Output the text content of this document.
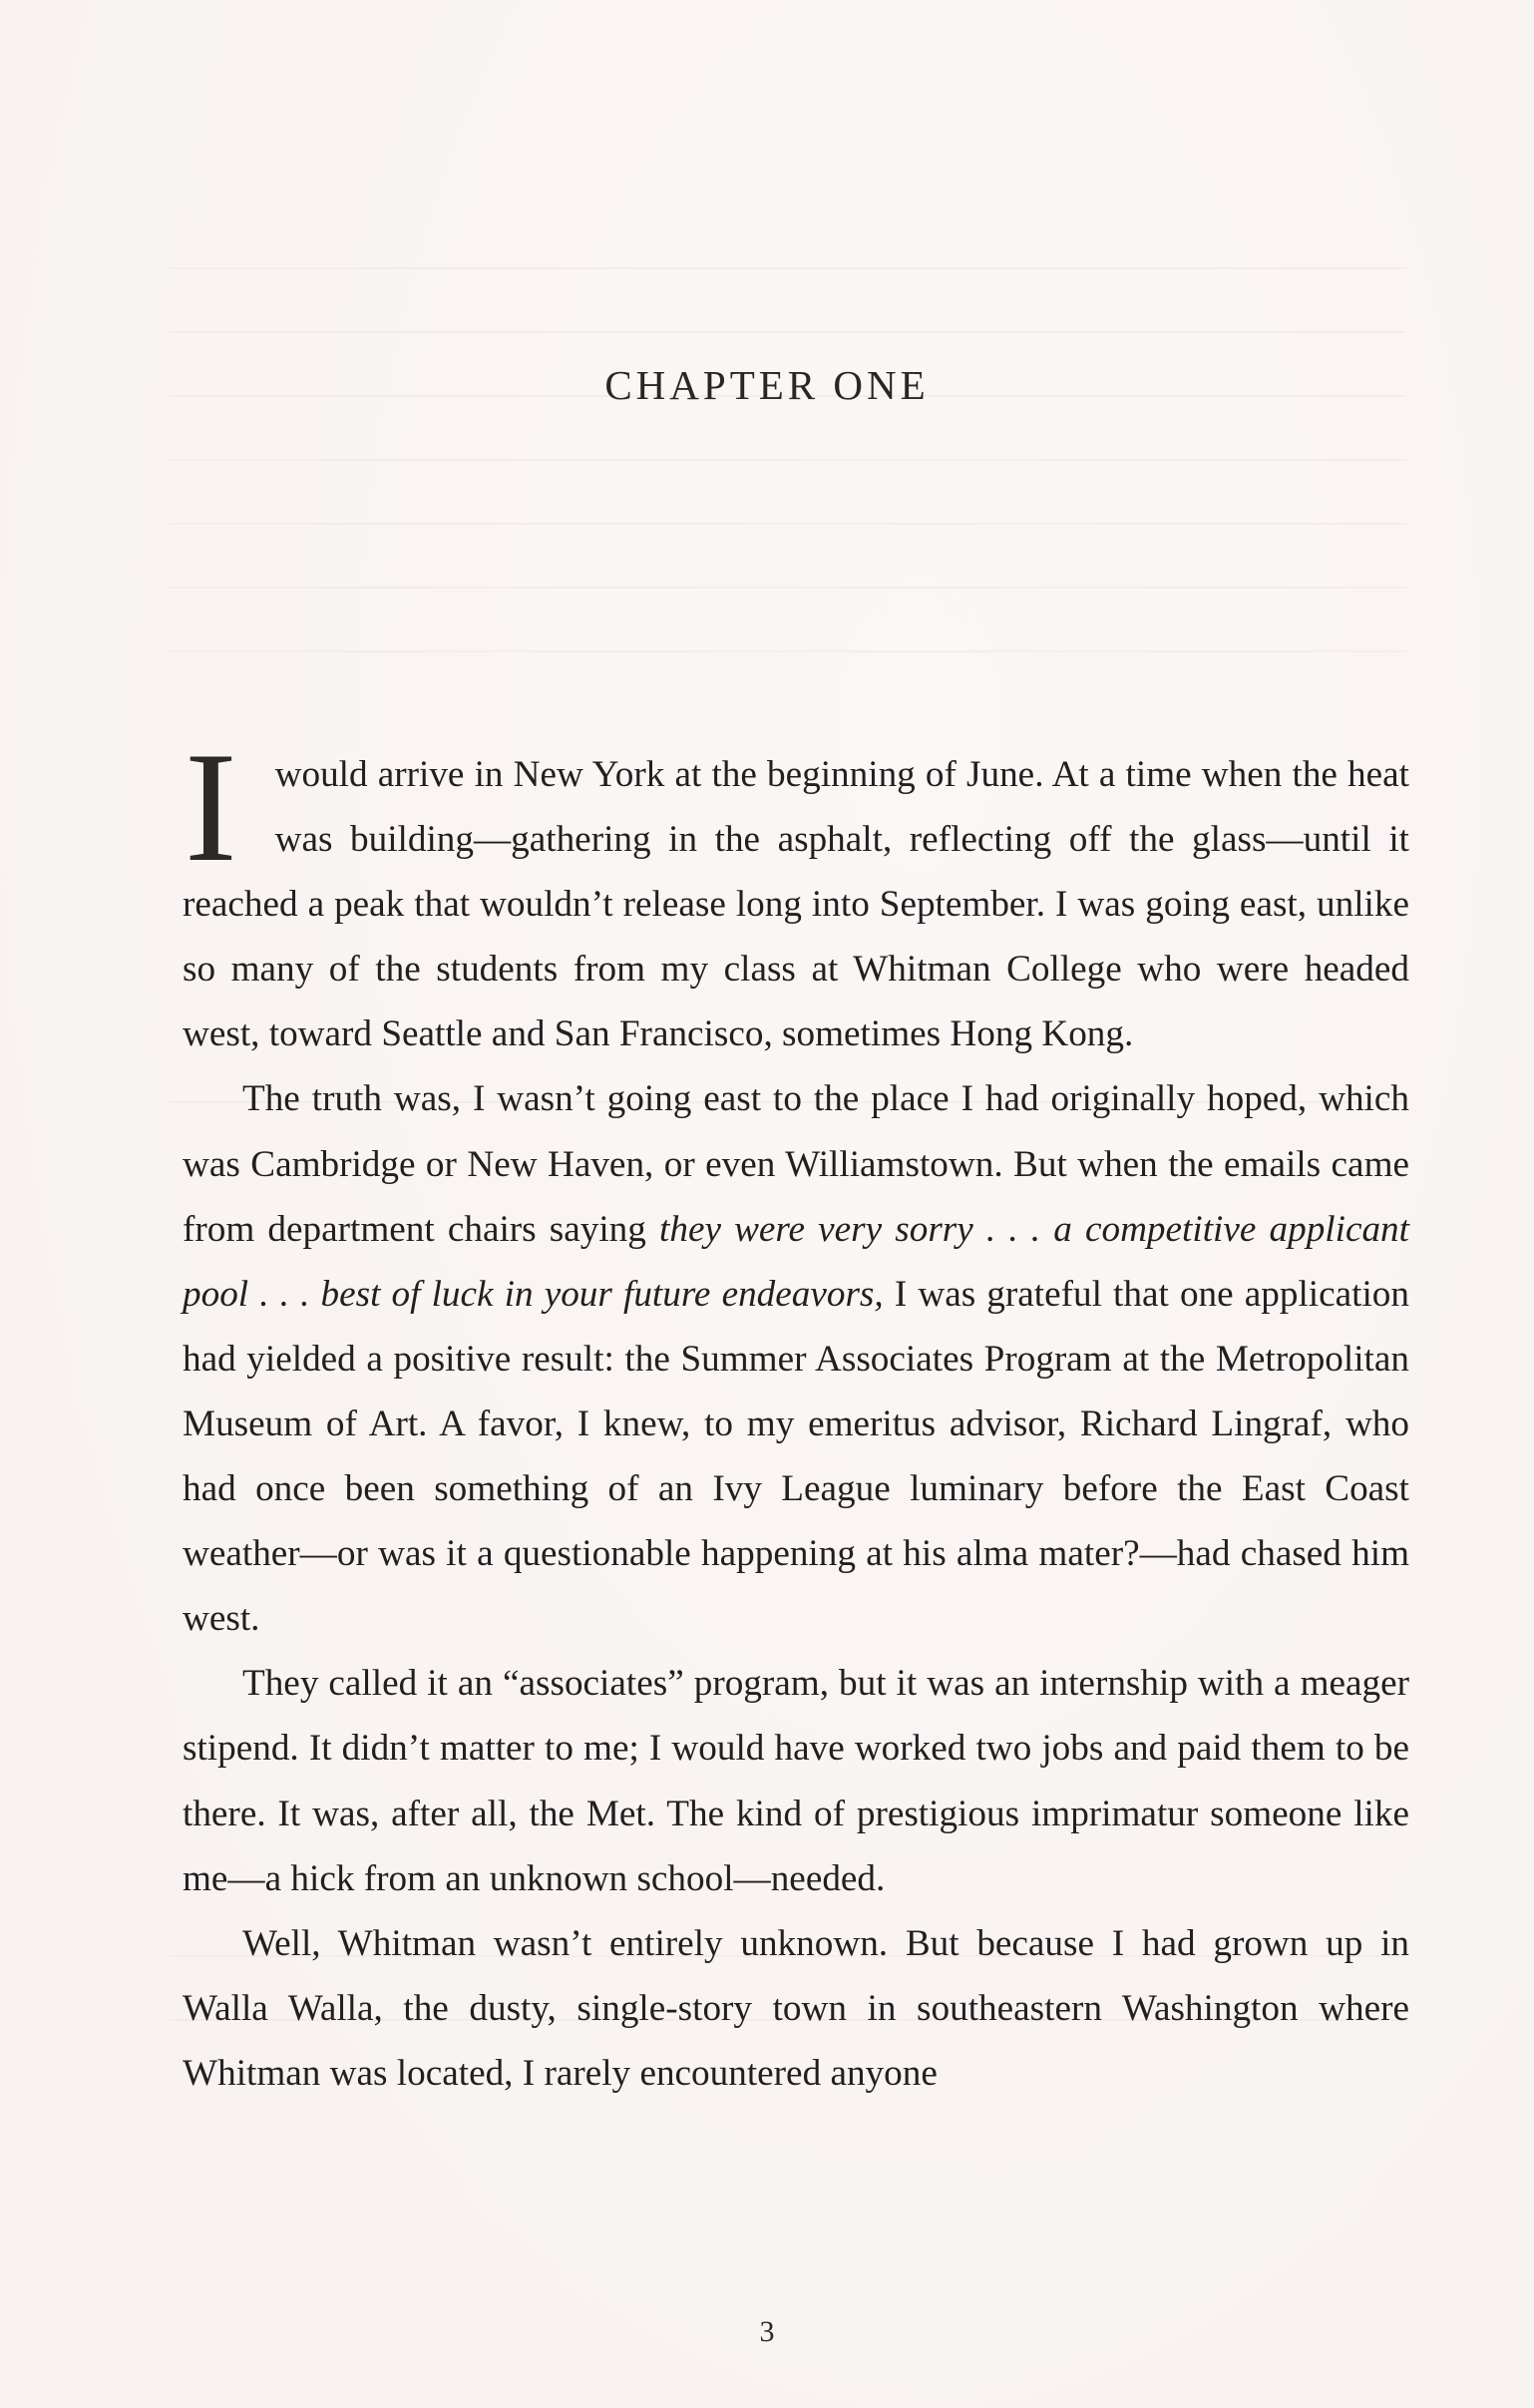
CHAPTER ONE

I would arrive in New York at the beginning of June. At a time when the heat was building—gathering in the asphalt, reflecting off the glass—until it reached a peak that wouldn’t release long into September. I was going east, unlike so many of the students from my class at Whitman College who were headed west, toward Seattle and San Francisco, sometimes Hong Kong.

The truth was, I wasn’t going east to the place I had originally hoped, which was Cambridge or New Haven, or even Williamstown. But when the emails came from department chairs saying they were very sorry . . . a competitive applicant pool . . . best of luck in your future endeavors, I was grateful that one application had yielded a positive result: the Summer Associates Program at the Metropolitan Museum of Art. A favor, I knew, to my emeritus advisor, Richard Lingraf, who had once been something of an Ivy League luminary before the East Coast weather—or was it a questionable happening at his alma mater?—had chased him west.

They called it an “associates” program, but it was an internship with a meager stipend. It didn’t matter to me; I would have worked two jobs and paid them to be there. It was, after all, the Met. The kind of prestigious imprimatur someone like me—a hick from an unknown school—needed.

Well, Whitman wasn’t entirely unknown. But because I had grown up in Walla Walla, the dusty, single-story town in southeastern Washington where Whitman was located, I rarely encountered anyone

3
